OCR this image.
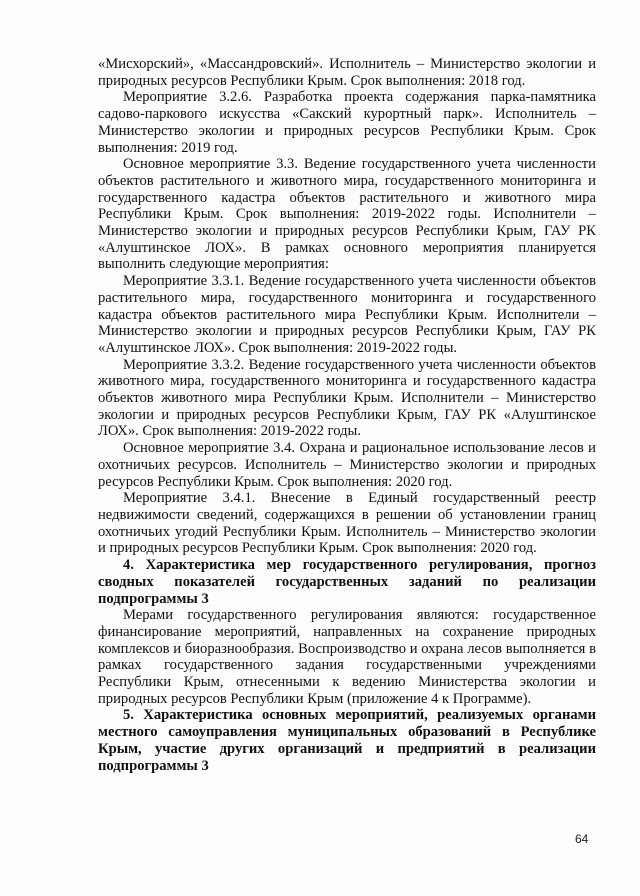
«Мисхорский», «Массандровский». Исполнитель – Министерство экологии и природных ресурсов Республики Крым. Срок выполнения: 2018 год.

Мероприятие 3.2.6. Разработка проекта содержания парка-памятника садово-паркового искусства «Сакский курортный парк». Исполнитель – Министерство экологии и природных ресурсов Республики Крым. Срок выполнения: 2019 год.

Основное мероприятие 3.3. Ведение государственного учета численности объектов растительного и животного мира, государственного мониторинга и государственного кадастра объектов растительного и животного мира Республики Крым. Срок выполнения: 2019-2022 годы. Исполнители – Министерство экологии и природных ресурсов Республики Крым, ГАУ РК «Алуштинское ЛОХ». В рамках основного мероприятия планируется выполнить следующие мероприятия:

Мероприятие 3.3.1. Ведение государственного учета численности объектов растительного мира, государственного мониторинга и государственного кадастра объектов растительного мира Республики Крым. Исполнители – Министерство экологии и природных ресурсов Республики Крым, ГАУ РК «Алуштинское ЛОХ». Срок выполнения: 2019-2022 годы.

Мероприятие 3.3.2. Ведение государственного учета численности объектов животного мира, государственного мониторинга и государственного кадастра объектов животного мира Республики Крым. Исполнители – Министерство экологии и природных ресурсов Республики Крым, ГАУ РК «Алуштинское ЛОХ». Срок выполнения: 2019-2022 годы.

Основное мероприятие 3.4. Охрана и рациональное использование лесов и охотничьих ресурсов. Исполнитель – Министерство экологии и природных ресурсов Республики Крым. Срок выполнения: 2020 год.

Мероприятие 3.4.1. Внесение в Единый государственный реестр недвижимости сведений, содержащихся в решении об установлении границ охотничьих угодий Республики Крым. Исполнитель – Министерство экологии и природных ресурсов Республики Крым. Срок выполнения: 2020 год.

4. Характеристика мер государственного регулирования, прогноз сводных показателей государственных заданий по реализации подпрограммы 3

Мерами государственного регулирования являются: государственное финансирование мероприятий, направленных на сохранение природных комплексов и биоразнообразия. Воспроизводство и охрана лесов выполняется в рамках государственного задания государственными учреждениями Республики Крым, отнесенными к ведению Министерства экологии и природных ресурсов Республики Крым (приложение 4 к Программе).

5. Характеристика основных мероприятий, реализуемых органами местного самоуправления муниципальных образований в Республике Крым, участие других организаций и предприятий в реализации подпрограммы 3
64
